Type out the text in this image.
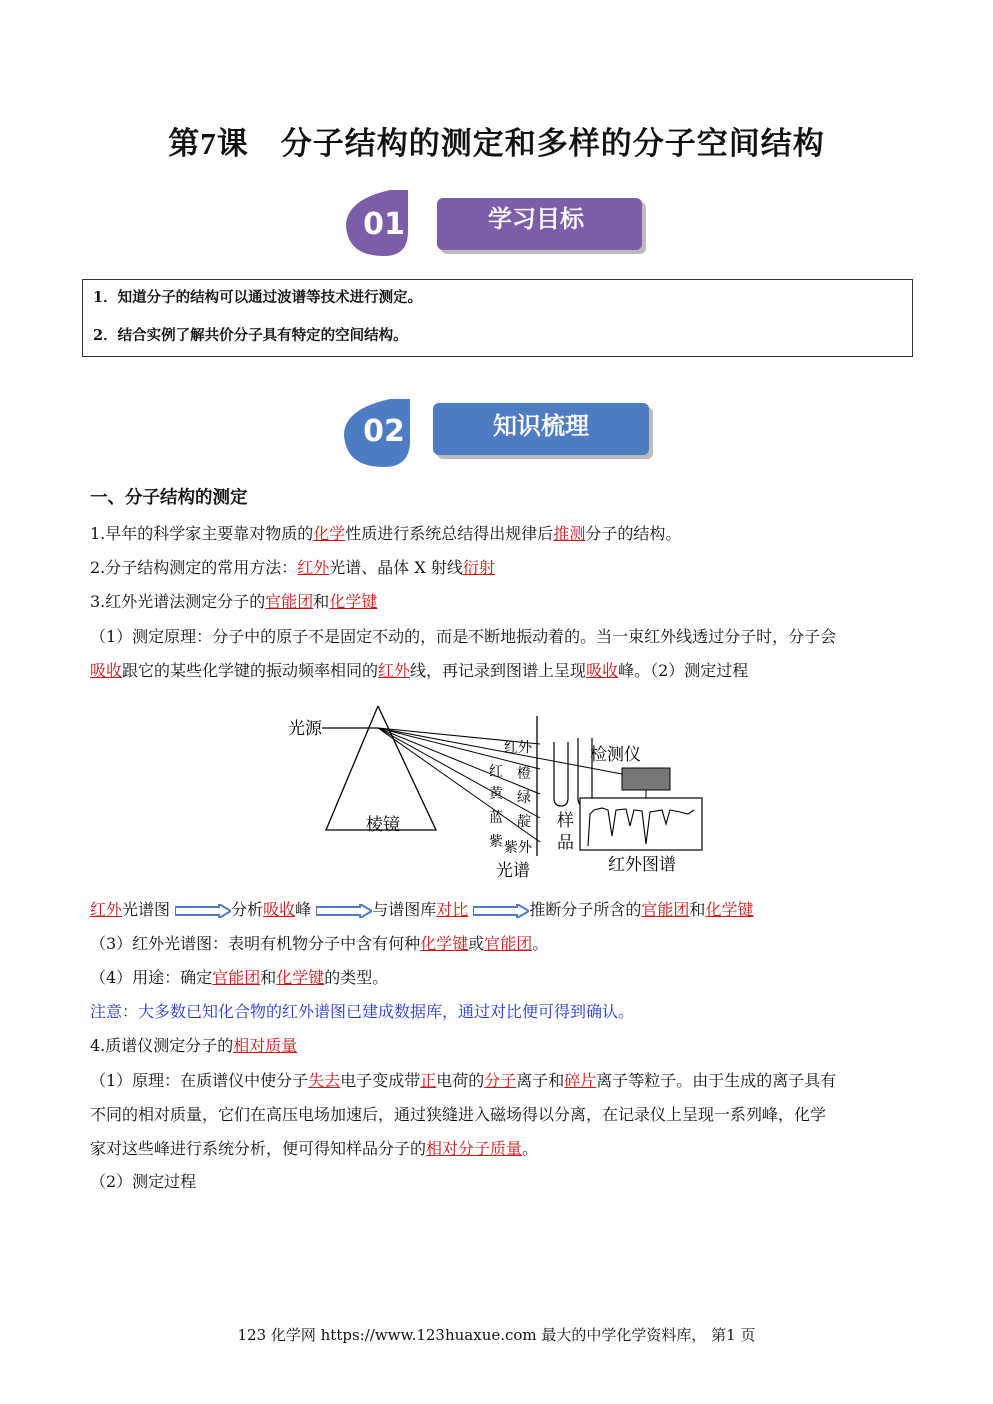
第7课　分子结构的测定和多样的分子空间结构
01	学习目标
1．知道分子的结构可以通过波谱等技术进行测定。
2．结合实例了解共价分子具有特定的空间结构。
02	知识梳理
一、分子结构的测定
1.早年的科学家主要靠对物质的化学性质进行系统总结得出规律后推测分子的结构。
2.分子结构测定的常用方法：红外光谱、晶体 X 射线衍射
3.红外光谱法测定分子的官能团和化学键
（1）测定原理：分子中的原子不是固定不动的，而是不断地振动着的。当一束红外线透过分子时，分子会
吸收跟它的某些化学键的振动频率相同的红外线，再记录到图谱上呈现吸收峰。（2）测定过程
光源
棱镜
红
黄
蓝
紫
红外
橙
绿
靛
紫外
光谱
样
品
检测仪
红外图谱
红外光谱图	分析吸收峰	与谱图库对比	推断分子所含的官能团和化学键
（3）红外光谱图：表明有机物分子中含有何种化学键或官能团。
（4）用途：确定官能团和化学键的类型。
注意：大多数已知化合物的红外谱图已建成数据库，通过对比便可得到确认。
4.质谱仪测定分子的相对质量
（1）原理：在质谱仪中使分子失去电子变成带正电荷的分子离子和碎片离子等粒子。由于生成的离子具有
不同的相对质量，它们在高压电场加速后，通过狭缝进入磁场得以分离，在记录仪上呈现一系列峰，化学
家对这些峰进行系统分析，便可得知样品分子的相对分子质量。
（2）测定过程
123 化学网 https://www.123huaxue.com 最大的中学化学资料库， 第1 页
